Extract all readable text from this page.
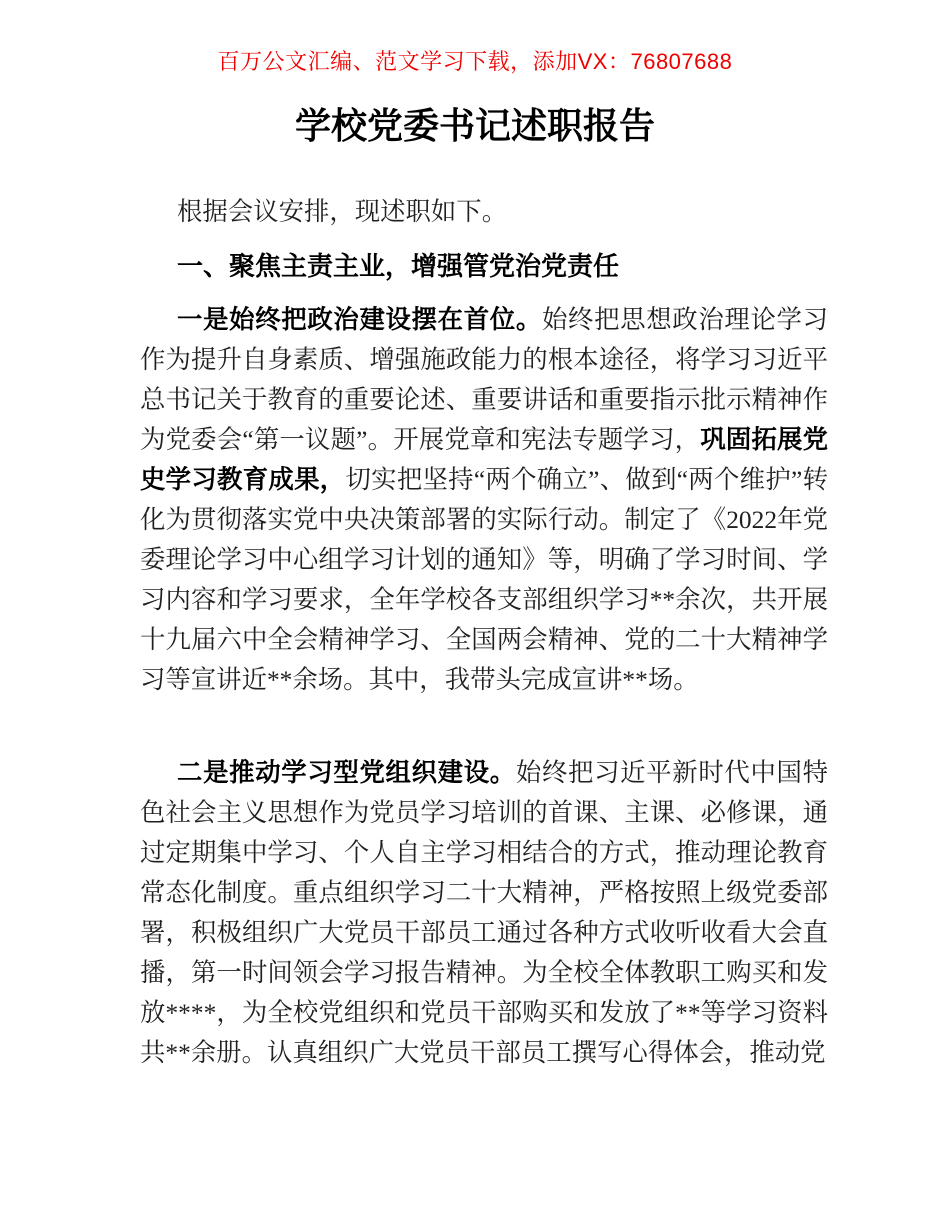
百万公文汇编、范文学习下载，添加VX：76807688
学校党委书记述职报告

根据会议安排，现述职如下。

一、聚焦主责主业，增强管党治党责任

一是始终把政治建设摆在首位。始终把思想政治理论学习作为提升自身素质、增强施政能力的根本途径，将学习习近平总书记关于教育的重要论述、重要讲话和重要指示批示精神作为党委会“第一议题”。开展党章和宪法专题学习，巩固拓展党史学习教育成果，切实把坚持“两个确立”、做到“两个维护”转化为贯彻落实党中央决策部署的实际行动。制定了《2022年党委理论学习中心组学习计划的通知》等，明确了学习时间、学习内容和学习要求，全年学校各支部组织学习**余次，共开展十九届六中全会精神学习、全国两会精神、党的二十大精神学习等宣讲近**余场。其中，我带头完成宣讲**场。

二是推动学习型党组织建设。始终把习近平新时代中国特色社会主义思想作为党员学习培训的首课、主课、必修课，通过定期集中学习、个人自主学习相结合的方式，推动理论教育常态化制度。重点组织学习二十大精神，严格按照上级党委部署，积极组织广大党员干部员工通过各种方式收听收看大会直播，第一时间领会学习报告精神。为全校全体教职工购买和发放****，为全校党组织和党员干部购买和发放了**等学习资料共**余册。认真组织广大党员干部员工撰写心得体会，推动党
